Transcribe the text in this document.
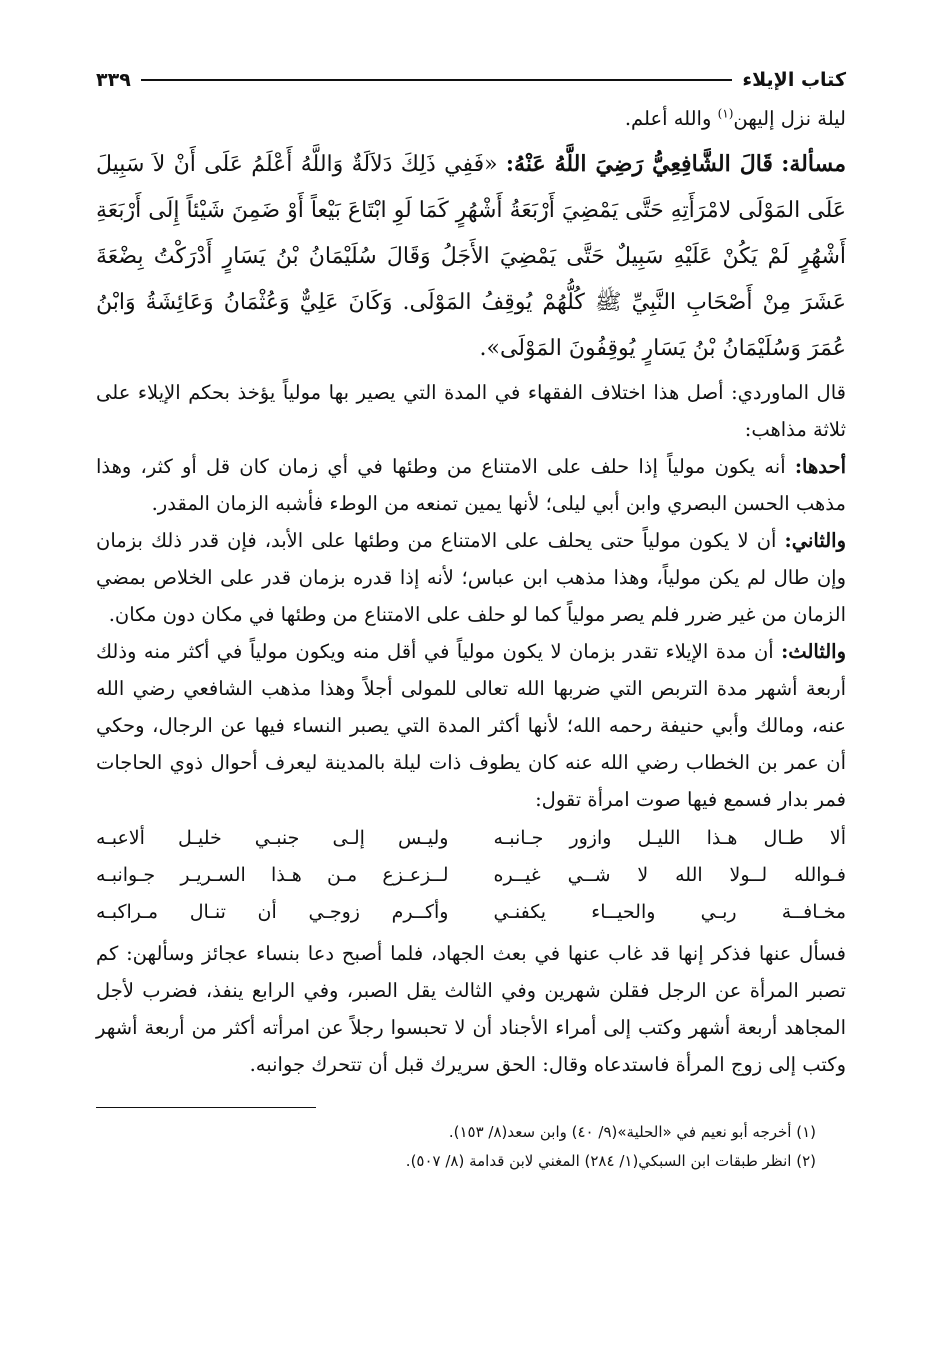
كتاب الإيلاء
٣٣٩

ليلة نزل إليهن$^{(١)}$ والله أعلم.

مسألة: قَالَ الشَّافِعِيُّ رَضِيَ اللَّهُ عَنْهُ: «فَفِي ذَلِكَ دَلاَلَةٌ وَاللَّهُ أَعْلَمُ عَلَى أَنْ لاَ سَبِيلَ عَلَى المَوْلَى لامْرَأَتِهِ حَتَّى يَمْضِيَ أَرْبَعَةُ أَشْهُرٍ كَمَا لَوِ ابْتَاعَ بَيْعاً أَوْ ضَمِنَ شَيْئاً إِلَى أَرْبَعَةِ أَشْهُرٍ لَمْ يَكُنْ عَلَيْهِ سَبِيلٌ حَتَّى يَمْضِيَ الأَجَلُ وَقَالَ سُلَيْمَانُ بْنُ يَسَارٍ أَدْرَكْتُ بِضْعَةَ عَشَرَ مِنْ أَصْحَابِ النَّبِيِّ ﷺ كُلُّهُمْ يُوقِفُ المَوْلَى. وَكَانَ عَلِيٌّ وَعُثْمَانُ وَعَائِشَةُ وَابْنُ عُمَرَ وَسُلَيْمَانُ بْنُ يَسَارٍ يُوقِفُونَ المَوْلَى».

قال الماوردي: أصل هذا اختلاف الفقهاء في المدة التي يصير بها مولياً يؤخذ بحكم الإيلاء على ثلاثة مذاهب:

أحدها: أنه يكون مولياً إذا حلف على الامتناع من وطئها في أي زمان كان قل أو كثر، وهذا مذهب الحسن البصري وابن أبي ليلى؛ لأنها يمين تمنعه من الوطء فأشبه الزمان المقدر.

والثاني: أن لا يكون مولياً حتى يحلف على الامتناع من وطئها على الأبد، فإن قدر ذلك بزمان وإن طال لم يكن مولياً، وهذا مذهب ابن عباس؛ لأنه إذا قدره بزمان قدر على الخلاص بمضي الزمان من غير ضرر فلم يصر مولياً كما لو حلف على الامتناع من وطئها في مكان دون مكان.

والثالث: أن مدة الإيلاء تقدر بزمان لا يكون مولياً في أقل منه ويكون مولياً في أكثر منه وذلك أربعة أشهر مدة التربص التي ضربها الله تعالى للمولى أجلاً وهذا مذهب الشافعي رضي الله عنه، ومالك وأبي حنيفة رحمه الله؛ لأنها أكثر المدة التي يصبر النساء فيها عن الرجال، وحكي أن عمر بن الخطاب رضي الله عنه كان يطوف ذات ليلة بالمدينة ليعرف أحوال ذوي الحاجات فمر بدار فسمع فيها صوت امرأة تقول:

ألا طـال هـذا الليـل وازور جـانبـه
وليـس إلـى جنبـي خليـل ألاعبـه
فـوالله لــولا الله لا شــي غيــره
لــزعـزع مـن هـذا السـريـر جـوانبـه
مخـافــة ربـي والحيــاء يكفنـي
وأكــرم زوجـي أن تنـال مـراكبـه

فسأل عنها فذكر إنها قد غاب عنها في بعث الجهاد، فلما أصبح دعا بنساء عجائز وسألهن: كم تصبر المرأة عن الرجل فقلن شهرين وفي الثالث يقل الصبر، وفي الرابع ينفذ، فضرب لأجل المجاهد أربعة أشهر وكتب إلى أمراء الأجناد أن لا تحبسوا رجلاً عن امرأته أكثر من أربعة أشهر وكتب إلى زوج المرأة فاستدعاه وقال: الحق سريرك قبل أن تتحرك جوانبه.

(١) أخرجه أبو نعيم في «الحلية»(٩/ ٤٠) وابن سعد(٨/ ١٥٣).

(٢) انظر طبقات ابن السبكي(١/ ٢٨٤) المغني لابن قدامة (٨/ ٥٠٧).
